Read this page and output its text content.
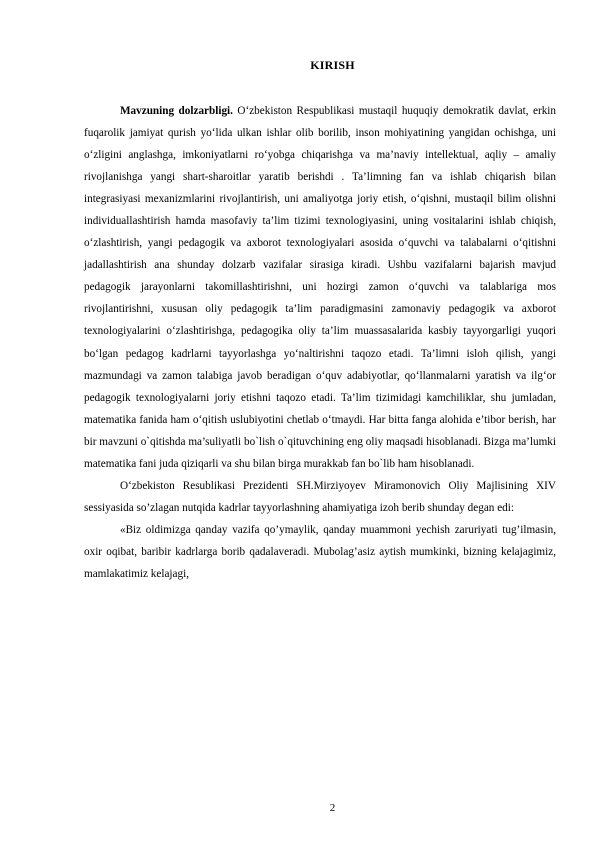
KIRISH

Mavzuning dolzarbligi. O‘zbekiston Respublikasi mustaqil huquqiy demokratik davlat, erkin fuqarolik jamiyat qurish yo‘lida ulkan ishlar olib borilib, inson mohiyatining yangidan ochishga, uni o‘zligini anglashga, imkoniyatlarni ro‘yobga chiqarishga va ma’naviy intellektual, aqliy – amaliy rivojlanishga yangi shart-sharoitlar yaratib berishdi . Ta’limning fan va ishlab chiqarish bilan integrasiyasi mexanizmlarini rivojlantirish, uni amaliyotga joriy etish, o‘qishni, mustaqil bilim olishni individuallashtirish hamda masofaviy ta’lim tizimi texnologiyasini, uning vositalarini ishlab chiqish, o‘zlashtirish, yangi pedagogik va axborot texnologiyalari asosida o‘quvchi va talabalarni o‘qitishni jadallashtirish ana shunday dolzarb vazifalar sirasiga kiradi. Ushbu vazifalarni bajarish mavjud pedagogik jarayonlarni takomillashtirishni, uni hozirgi zamon o‘quvchi va talablariga mos rivojlantirishni, xususan oliy pedagogik ta’lim paradigmasini zamonaviy pedagogik va axborot texnologiyalarini o‘zlashtirishga, pedagogika oliy ta’lim muassasalarida kasbiy tayyorgarligi yuqori bo‘lgan pedagog kadrlarni tayyorlashga yo‘naltirishni taqozo etadi. Ta’limni isloh qilish, yangi mazmundagi va zamon talabiga javob beradigan o‘quv adabiyotlar, qo‘llanmalarni yaratish va ilg‘or pedagogik texnologiyalarni joriy etishni taqozo etadi. Ta’lim tizimidagi kamchiliklar, shu jumladan, matematika fanida ham o‘qitish uslubiyotini chetlab o‘tmaydi. Har bitta fanga alohida e’tibor berish, har bir mavzuni o`qitishda ma’suliyatli bo`lish o`qituvchining eng oliy maqsadi hisoblanadi. Bizga ma’lumki matematika fani juda qiziqarli va shu bilan birga murakkab fan bo`lib ham hisoblanadi.

O‘zbekiston Resublikasi Prezidenti SH.Mirziyoyev Miramonovich Oliy Majlisining XIV sessiyasida so’zlagan nutqida kadrlar tayyorlashning ahamiyatiga izoh berib shunday degan edi:

«Biz oldimizga qanday vazifa qo’ymaylik, qanday muammoni yechish zaruriyati tug’ilmasin, oxir oqibat, baribir kadrlarga borib qadalaveradi. Mubolag’asiz aytish mumkinki, bizning kelajagimiz, mamlakatimiz kelajagi,

2
